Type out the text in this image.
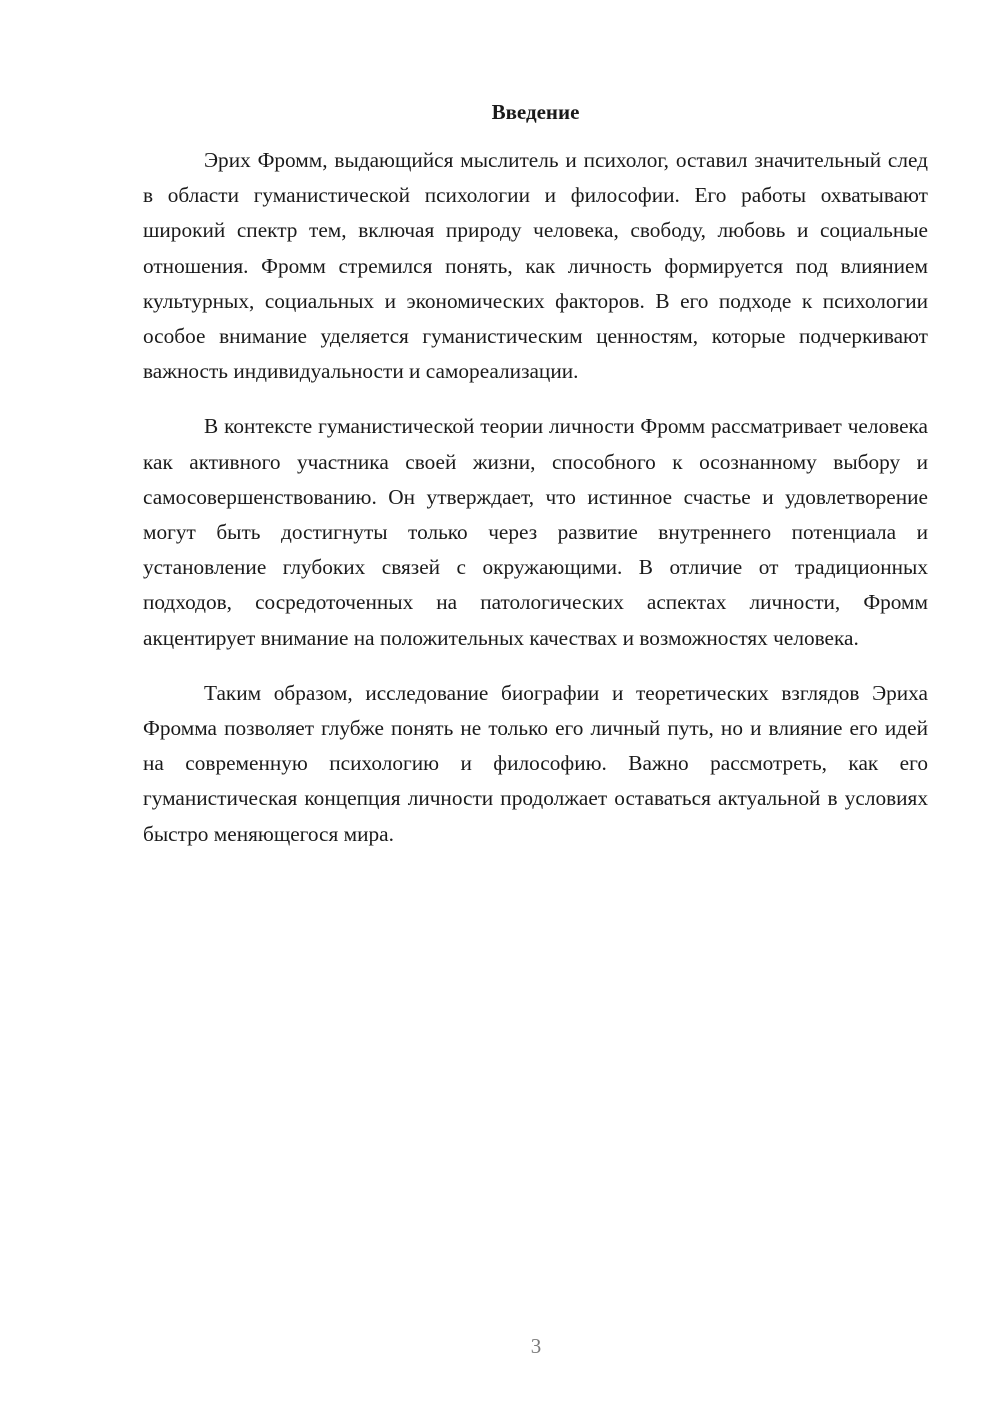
Введение

Эрих Фромм, выдающийся мыслитель и психолог, оставил значительный след в области гуманистической психологии и философии. Его работы охватывают широкий спектр тем, включая природу человека, свободу, любовь и социальные отношения. Фромм стремился понять, как личность формируется под влиянием культурных, социальных и экономических факторов. В его подходе к психологии особое внимание уделяется гуманистическим ценностям, которые подчеркивают важность индивидуальности и самореализации.

В контексте гуманистической теории личности Фромм рассматривает человека как активного участника своей жизни, способного к осознанному выбору и самосовершенствованию. Он утверждает, что истинное счастье и удовлетворение могут быть достигнуты только через развитие внутреннего потенциала и установление глубоких связей с окружающими. В отличие от традиционных подходов, сосредоточенных на патологических аспектах личности, Фромм акцентирует внимание на положительных качествах и возможностях человека.

Таким образом, исследование биографии и теоретических взглядов Эриха Фромма позволяет глубже понять не только его личный путь, но и влияние его идей на современную психологию и философию. Важно рассмотреть, как его гуманистическая концепция личности продолжает оставаться актуальной в условиях быстро меняющегося мира.

3
